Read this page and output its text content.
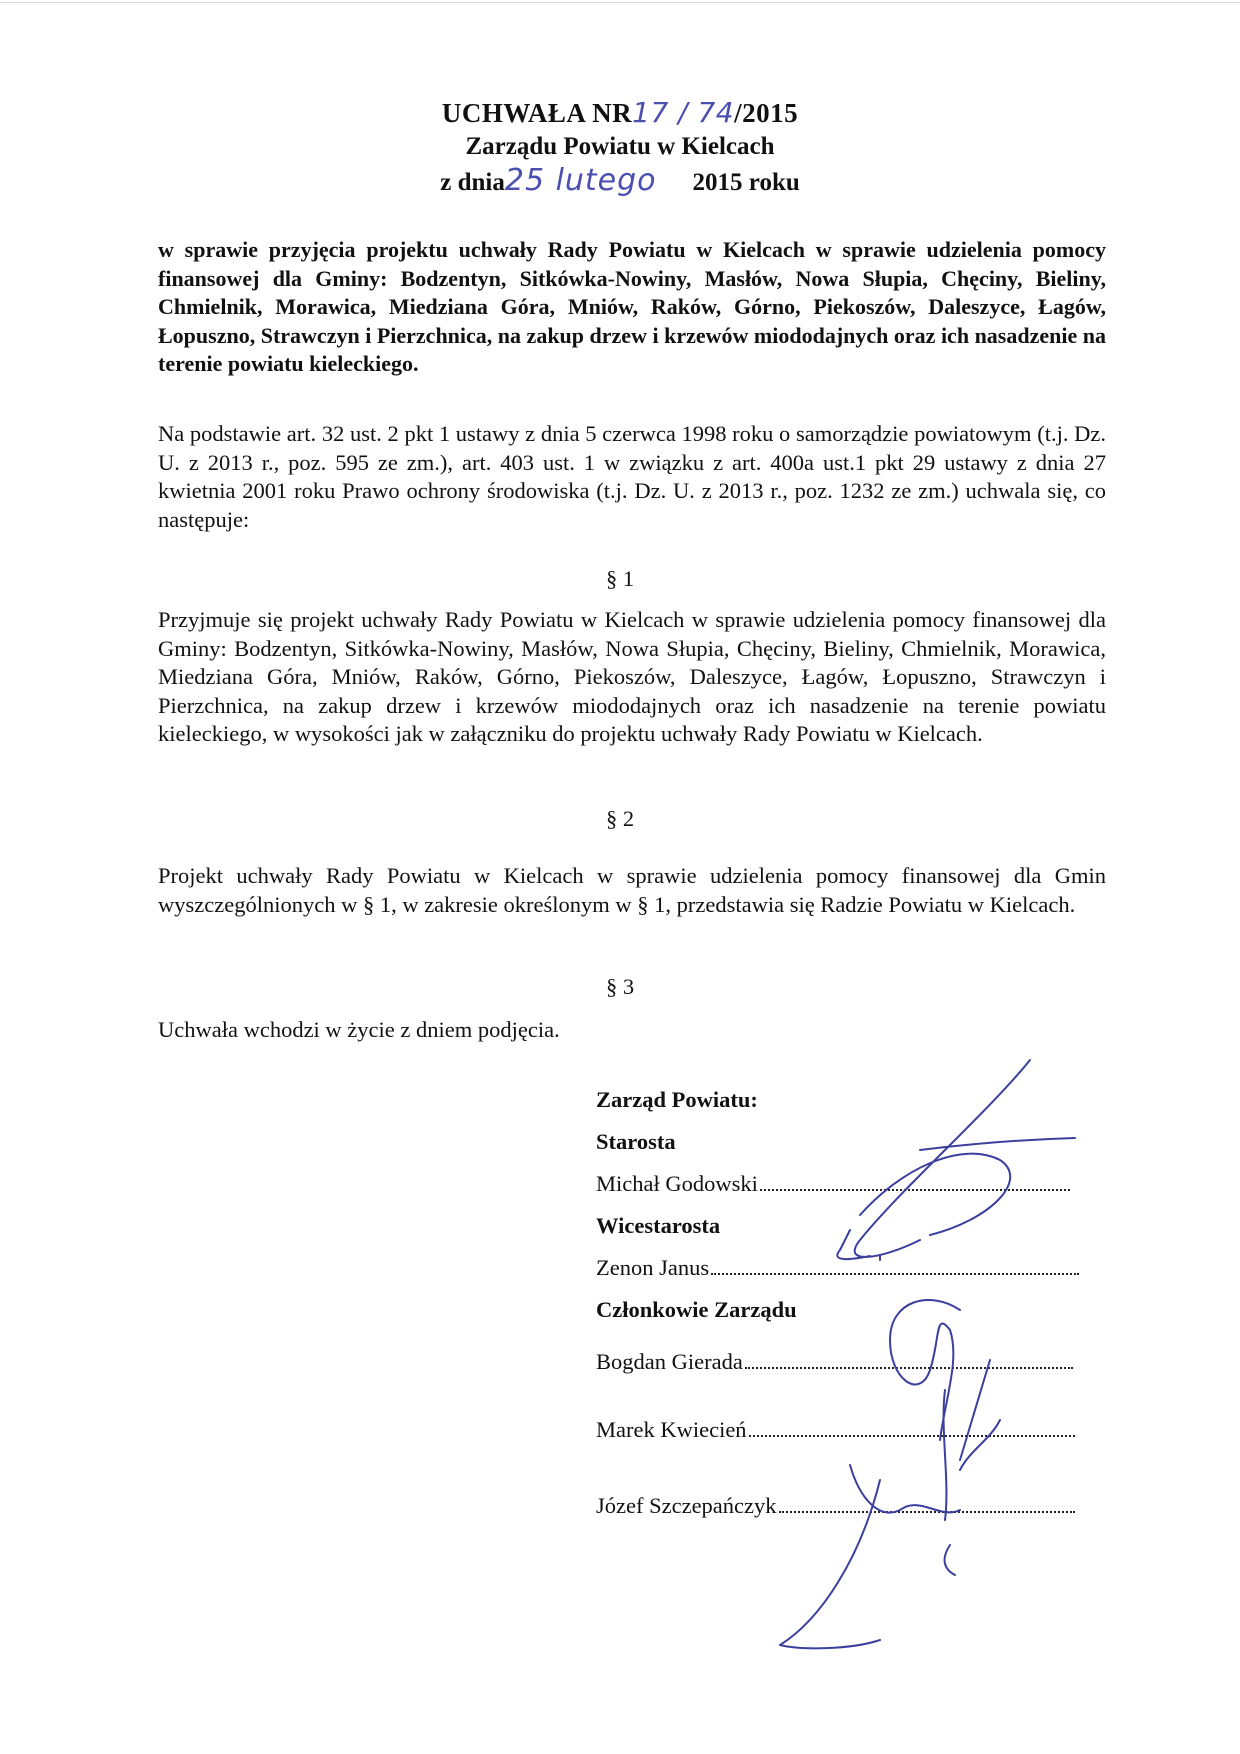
UCHWAŁA NR17 / 74/2015
Zarządu Powiatu w Kielcach
z dnia25 lutego 2015 roku
w sprawie przyjęcia projektu uchwały Rady Powiatu w Kielcach w sprawie udzielenia pomocy finansowej dla Gminy: Bodzentyn, Sitkówka-Nowiny, Masłów, Nowa Słupia, Chęciny, Bieliny, Chmielnik, Morawica, Miedziana Góra, Mniów, Raków, Górno, Piekoszów, Daleszyce, Łagów, Łopuszno, Strawczyn i Pierzchnica, na zakup drzew i krzewów miododajnych oraz ich nasadzenie na terenie powiatu kieleckiego.
Na podstawie art. 32 ust. 2 pkt 1 ustawy z dnia 5 czerwca 1998 roku o samorządzie powiatowym (t.j. Dz. U. z 2013 r., poz. 595 ze zm.), art. 403 ust. 1 w związku z art. 400a ust.1 pkt 29 ustawy z dnia 27 kwietnia 2001 roku Prawo ochrony środowiska (t.j. Dz. U. z 2013 r., poz. 1232 ze zm.) uchwala się, co następuje:
§ 1
Przyjmuje się projekt uchwały Rady Powiatu w Kielcach w sprawie udzielenia pomocy finansowej dla Gminy: Bodzentyn, Sitkówka-Nowiny, Masłów, Nowa Słupia, Chęciny, Bieliny, Chmielnik, Morawica, Miedziana Góra, Mniów, Raków, Górno, Piekoszów, Daleszyce, Łagów, Łopuszno, Strawczyn i Pierzchnica, na zakup drzew i krzewów miododajnych oraz ich nasadzenie na terenie powiatu kieleckiego, w wysokości jak w załączniku do projektu uchwały Rady Powiatu w Kielcach.
§ 2
Projekt uchwały Rady Powiatu w Kielcach w sprawie udzielenia pomocy finansowej dla Gmin wyszczególnionych w § 1, w zakresie określonym w § 1, przedstawia się Radzie Powiatu w Kielcach.
§ 3
Uchwała wchodzi w życie z dniem podjęcia.
Zarząd Powiatu:
Starosta
Michał Godowski
Wicestarosta
Zenon Janus
Członkowie Zarządu
Bogdan Gierada
Marek Kwiecień
Józef Szczepańczyk
